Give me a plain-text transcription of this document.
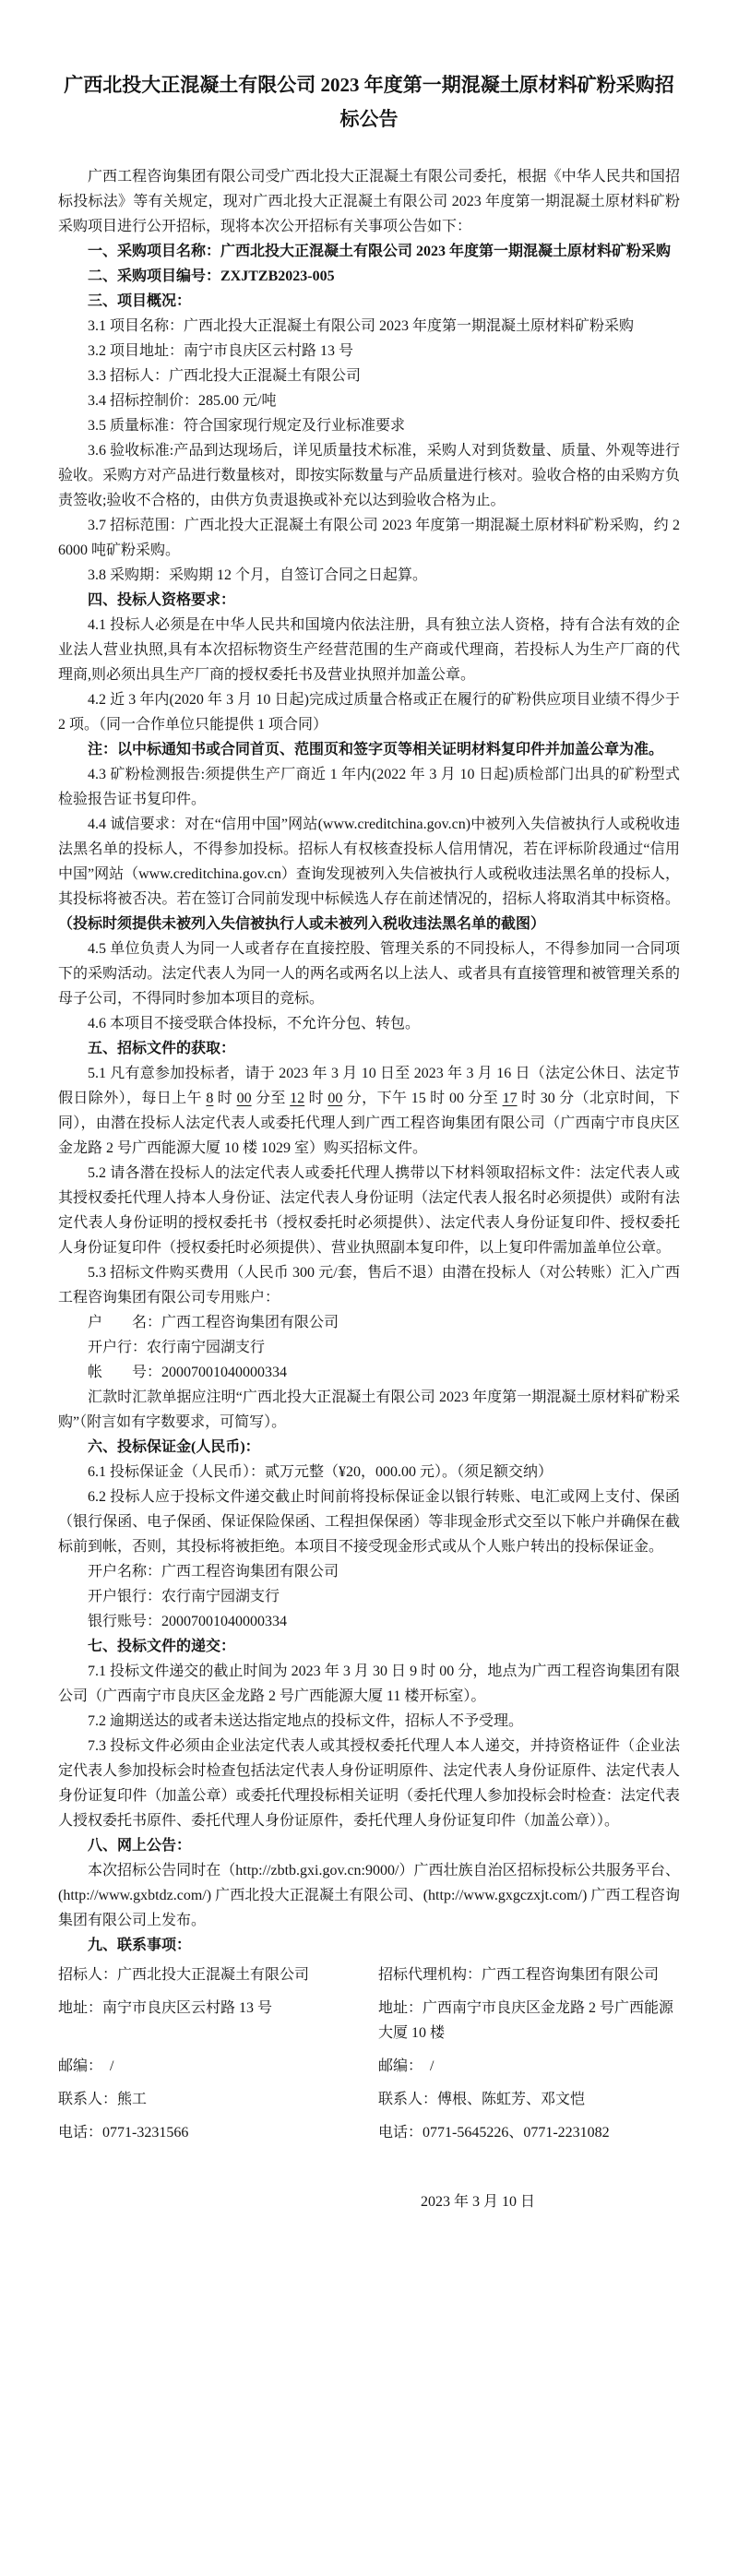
广西北投大正混凝土有限公司 2023 年度第一期混凝土原材料矿粉采购招标公告

广西工程咨询集团有限公司受广西北投大正混凝土有限公司委托，根据《中华人民共和国招标投标法》等有关规定，现对广西北投大正混凝土有限公司 2023 年度第一期混凝土原材料矿粉采购项目进行公开招标，现将本次公开招标有关事项公告如下：

一、采购项目名称：广西北投大正混凝土有限公司 2023 年度第一期混凝土原材料矿粉采购

二、采购项目编号：ZXJTZB2023-005

三、项目概况：

3.1 项目名称：广西北投大正混凝土有限公司 2023 年度第一期混凝土原材料矿粉采购

3.2 项目地址：南宁市良庆区云村路 13 号

3.3 招标人：广西北投大正混凝土有限公司

3.4 招标控制价：285.00 元/吨

3.5 质量标准：符合国家现行规定及行业标准要求

3.6 验收标准:产品到达现场后，详见质量技术标准，采购人对到货数量、质量、外观等进行验收。采购方对产品进行数量核对，即按实际数量与产品质量进行核对。验收合格的由采购方负责签收;验收不合格的，由供方负责退换或补充以达到验收合格为止。

3.7 招标范围：广西北投大正混凝土有限公司 2023 年度第一期混凝土原材料矿粉采购，约 26000 吨矿粉采购。

3.8 采购期：采购期 12 个月，自签订合同之日起算。

四、投标人资格要求：

4.1 投标人必须是在中华人民共和国境内依法注册，具有独立法人资格，持有合法有效的企业法人营业执照,具有本次招标物资生产经营范围的生产商或代理商，若投标人为生产厂商的代理商,则必须出具生产厂商的授权委托书及营业执照并加盖公章。

4.2 近 3 年内(2020 年 3 月 10 日起)完成过质量合格或正在履行的矿粉供应项目业绩不得少于 2 项。（同一合作单位只能提供 1 项合同）

注：以中标通知书或合同首页、范围页和签字页等相关证明材料复印件并加盖公章为准。

4.3 矿粉检测报告:须提供生产厂商近 1 年内(2022 年 3 月 10 日起)质检部门出具的矿粉型式检验报告证书复印件。

4.4 诚信要求：对在“信用中国”网站(www.creditchina.gov.cn)中被列入失信被执行人或税收违法黑名单的投标人，不得参加投标。招标人有权核查投标人信用情况，若在评标阶段通过“信用中国”网站（www.creditchina.gov.cn）查询发现被列入失信被执行人或税收违法黑名单的投标人，其投标将被否决。若在签订合同前发现中标候选人存在前述情况的，招标人将取消其中标资格。（投标时须提供未被列入失信被执行人或未被列入税收违法黑名单的截图）

4.5 单位负责人为同一人或者存在直接控股、管理关系的不同投标人，不得参加同一合同项下的采购活动。法定代表人为同一人的两名或两名以上法人、或者具有直接管理和被管理关系的母子公司，不得同时参加本项目的竞标。

4.6 本项目不接受联合体投标，不允许分包、转包。

五、招标文件的获取：

5.1 凡有意参加投标者，请于 2023 年 3 月 10 日至 2023 年 3 月 16 日（法定公休日、法定节假日除外），每日上午 8 时 00 分至 12 时 00 分，下午 15 时 00 分至 17 时 30 分（北京时间，下同），由潜在投标人法定代表人或委托代理人到广西工程咨询集团有限公司（广西南宁市良庆区金龙路 2 号广西能源大厦 10 楼 1029 室）购买招标文件。

5.2 请各潜在投标人的法定代表人或委托代理人携带以下材料领取招标文件：法定代表人或其授权委托代理人持本人身份证、法定代表人身份证明（法定代表人报名时必须提供）或附有法定代表人身份证明的授权委托书（授权委托时必须提供）、法定代表人身份证复印件、授权委托人身份证复印件（授权委托时必须提供）、营业执照副本复印件，以上复印件需加盖单位公章。

5.3 招标文件购买费用（人民币 300 元/套，售后不退）由潜在投标人（对公转账）汇入广西工程咨询集团有限公司专用账户：

户　　名：广西工程咨询集团有限公司

开户行：农行南宁园湖支行

帐　　号：20007001040000334

汇款时汇款单据应注明“广西北投大正混凝土有限公司 2023 年度第一期混凝土原材料矿粉采购”（附言如有字数要求，可简写）。

六、投标保证金(人民币)：

6.1 投标保证金（人民币）：贰万元整（¥20，000.00 元）。（须足额交纳）

6.2 投标人应于投标文件递交截止时间前将投标保证金以银行转账、电汇或网上支付、保函（银行保函、电子保函、保证保险保函、工程担保保函）等非现金形式交至以下帐户并确保在截标前到帐，否则，其投标将被拒绝。本项目不接受现金形式或从个人账户转出的投标保证金。

开户名称：广西工程咨询集团有限公司

开户银行：农行南宁园湖支行

银行账号：20007001040000334

七、投标文件的递交：

7.1 投标文件递交的截止时间为 2023 年 3 月 30 日 9 时 00 分，地点为广西工程咨询集团有限公司（广西南宁市良庆区金龙路 2 号广西能源大厦 11 楼开标室）。

7.2 逾期送达的或者未送达指定地点的投标文件，招标人不予受理。

7.3 投标文件必须由企业法定代表人或其授权委托代理人本人递交，并持资格证件（企业法定代表人参加投标会时检查包括法定代表人身份证明原件、法定代表人身份证原件、法定代表人身份证复印件（加盖公章）或委托代理投标相关证明（委托代理人参加投标会时检查：法定代表人授权委托书原件、委托代理人身份证原件，委托代理人身份证复印件（加盖公章））。

八、网上公告：

本次招标公告同时在（http://zbtb.gxi.gov.cn:9000/）广西壮族自治区招标投标公共服务平台、(http://www.gxbtdz.com/) 广西北投大正混凝土有限公司、(http://www.gxgczxjt.com/) 广西工程咨询集团有限公司上发布。

九、联系事项：

招标人：广西北投大正混凝土有限公司	招标代理机构：广西工程咨询集团有限公司

地址：南宁市良庆区云村路 13 号	地址：广西南宁市良庆区金龙路 2 号广西能源大厦 10 楼

邮编：　/	邮编：　/

联系人：熊工	联系人：傅根、陈虹芳、邓文恺

电话：0771-3231566	电话：0771-5645226、0771-2231082

2023 年 3 月 10 日
